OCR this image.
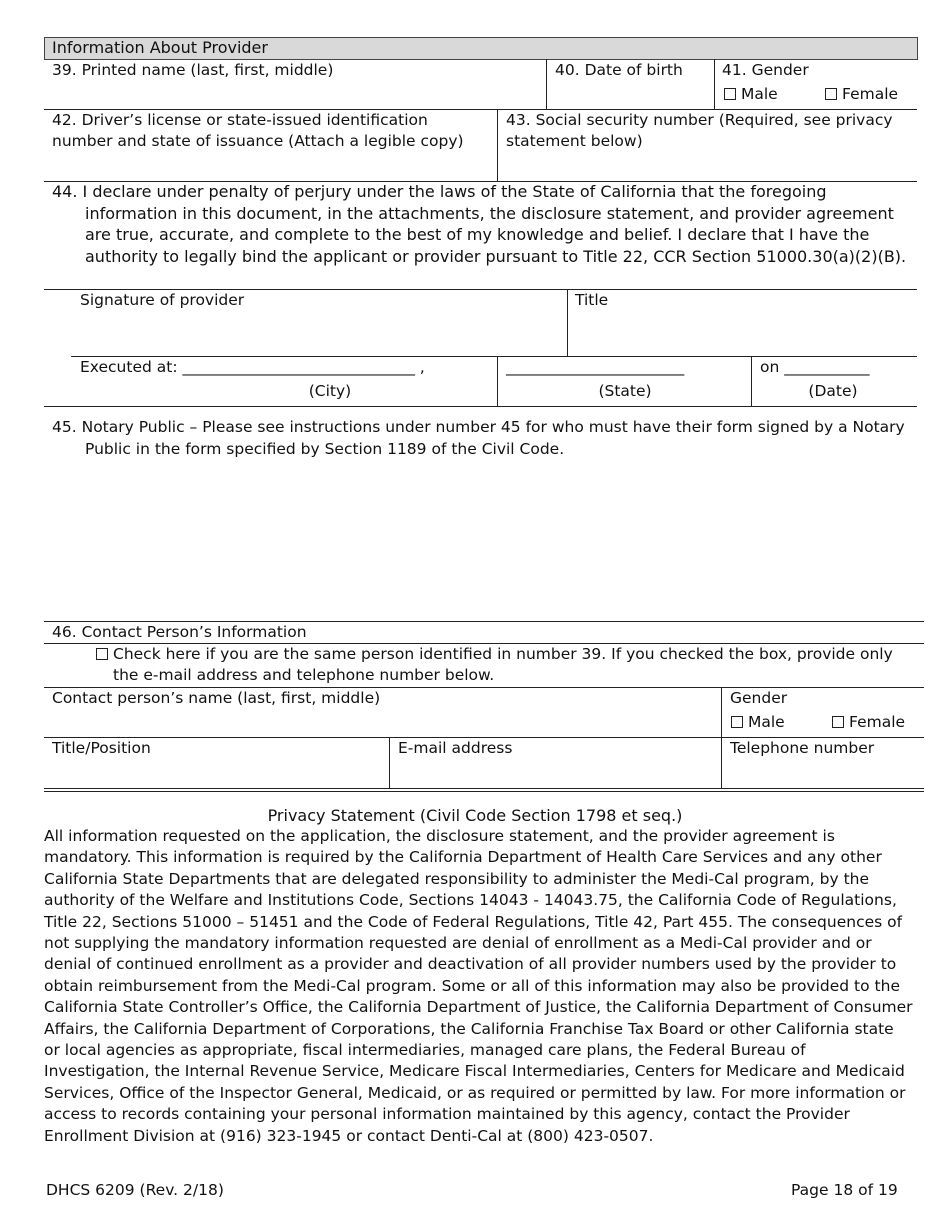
Information About Provider
39. Printed name (last, first, middle)	40. Date of birth	41. Gender
Male	Female
42. Driver’s license or state-issued identification number and state of issuance (Attach a legible copy)
43. Social security number (Required, see privacy statement below)
44. I declare under penalty of perjury under the laws of the State of California that the foregoing information in this document, in the attachments, the disclosure statement, and provider agreement are true, accurate, and complete to the best of my knowledge and belief. I declare that I have the authority to legally bind the applicant or provider pursuant to Title 22, CCR Section 51000.30(a)(2)(B).
Signature of provider	Title
Executed at: ______________________________ ,	_______________________	on ___________
(City)	(State)	(Date)
45. Notary Public – Please see instructions under number 45 for who must have their form signed by a Notary Public in the form specified by Section 1189 of the Civil Code.
46. Contact Person’s Information
Check here if you are the same person identified in number 39. If you checked the box, provide only the e-mail address and telephone number below.
Contact person’s name (last, first, middle)	Gender
Male	Female
Title/Position	E-mail address	Telephone number
Privacy Statement (Civil Code Section 1798 et seq.)

All information requested on the application, the disclosure statement, and the provider agreement is mandatory. This information is required by the California Department of Health Care Services and any other California State Departments that are delegated responsibility to administer the Medi-Cal program, by the authority of the Welfare and Institutions Code, Sections 14043 - 14043.75, the California Code of Regulations, Title 22, Sections 51000 – 51451 and the Code of Federal Regulations, Title 42, Part 455. The consequences of not supplying the mandatory information requested are denial of enrollment as a Medi-Cal provider and or denial of continued enrollment as a provider and deactivation of all provider numbers used by the provider to obtain reimbursement from the Medi-Cal program. Some or all of this information may also be provided to the California State Controller’s Office, the California Department of Justice, the California Department of Consumer Affairs, the California Department of Corporations, the California Franchise Tax Board or other California state or local agencies as appropriate, fiscal intermediaries, managed care plans, the Federal Bureau of Investigation, the Internal Revenue Service, Medicare Fiscal Intermediaries, Centers for Medicare and Medicaid Services, Office of the Inspector General, Medicaid, or as required or permitted by law. For more information or access to records containing your personal information maintained by this agency, contact the Provider Enrollment Division at (916) 323-1945 or contact Denti-Cal at (800) 423-0507.

DHCS 6209 (Rev. 2/18)	Page 18 of 19
